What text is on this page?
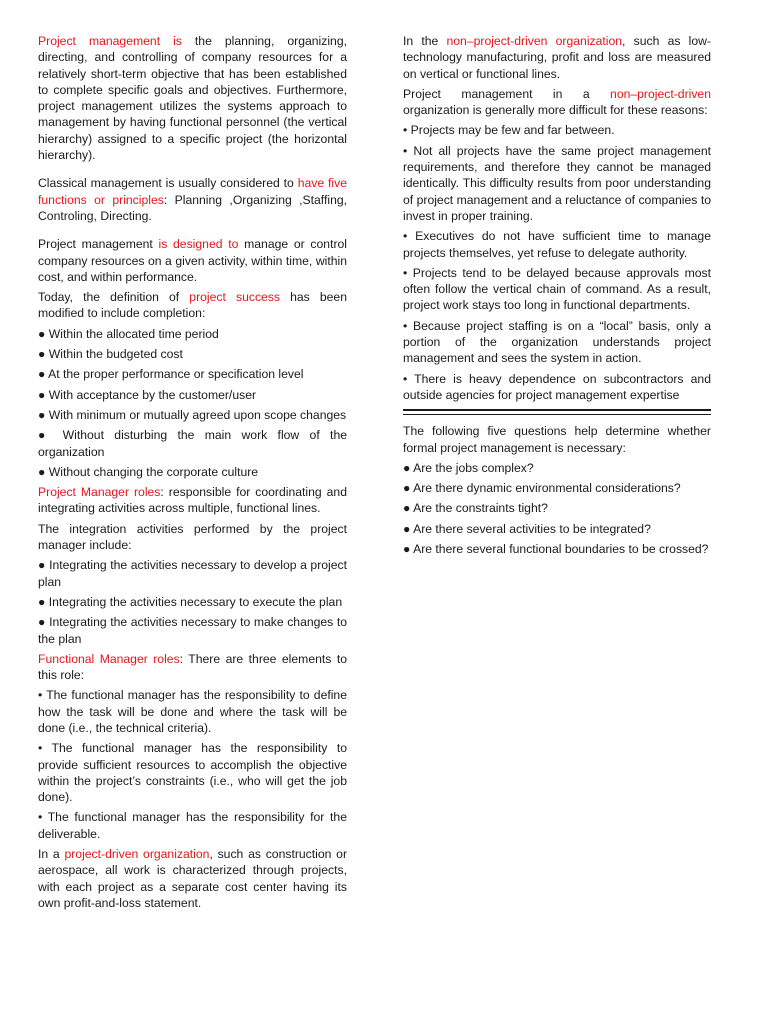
Project management is the planning, organizing, directing, and controlling of company resources for a relatively short-term objective that has been established to complete specific goals and objectives. Furthermore, project management utilizes the systems approach to management by having functional personnel (the vertical hierarchy) assigned to a specific project (the horizontal hierarchy).

Classical management is usually considered to have five functions or principles: Planning ,Organizing ,Staffing, Controling, Directing.

Project management is designed to manage or control company resources on a given activity, within time, within cost, and within performance.

Today, the definition of project success has been modified to include completion:

● Within the allocated time period

● Within the budgeted cost

● At the proper performance or specification level

● With acceptance by the customer/user

● With minimum or mutually agreed upon scope changes

● Without disturbing the main work flow of the organization

● Without changing the corporate culture

Project Manager roles: responsible for coordinating and integrating activities across multiple, functional lines.

The integration activities performed by the project manager include:

● Integrating the activities necessary to develop a project plan

● Integrating the activities necessary to execute the plan

● Integrating the activities necessary to make changes to the plan

Functional Manager roles: There are three elements to this role:

• The functional manager has the responsibility to define how the task will be done and where the task will be done (i.e., the technical criteria).

• The functional manager has the responsibility to provide sufficient resources to accomplish the objective within the project’s constraints (i.e., who will get the job done).

• The functional manager has the responsibility for the deliverable.

In a project-driven organization, such as construction or aerospace, all work is characterized through projects, with each project as a separate cost center having its own profit-and-loss statement.

In the non–project-driven organization, such as low-technology manufacturing, profit and loss are measured on vertical or functional lines.

Project management in a non–project-driven organization is generally more difficult for these reasons:

• Projects may be few and far between.

• Not all projects have the same project management requirements, and therefore they cannot be managed identically. This difficulty results from poor understanding of project management and a reluctance of companies to invest in proper training.

• Executives do not have sufficient time to manage projects themselves, yet refuse to delegate authority.

• Projects tend to be delayed because approvals most often follow the vertical chain of command. As a result, project work stays too long in functional departments.

• Because project staffing is on a “local” basis, only a portion of the organization understands project management and sees the system in action.

• There is heavy dependence on subcontractors and outside agencies for project management expertise

The following five questions help determine whether formal project management is necessary:

● Are the jobs complex?

● Are there dynamic environmental considerations?

● Are the constraints tight?

● Are there several activities to be integrated?

● Are there several functional boundaries to be crossed?
